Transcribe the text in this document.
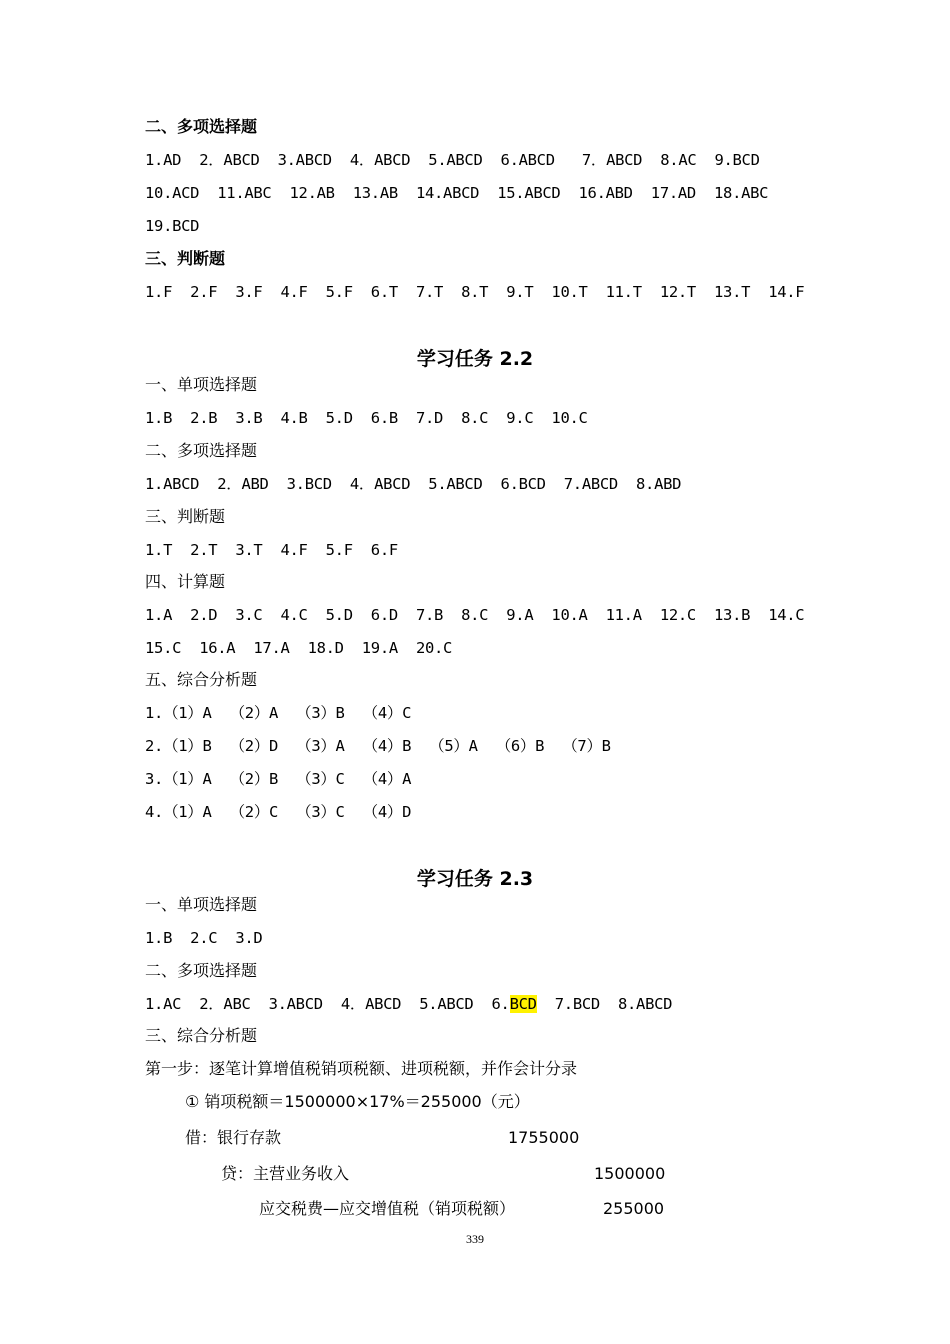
二、多项选择题
1.AD  2．ABCD  3.ABCD  4．ABCD  5.ABCD  6.ABCD   7．ABCD  8.AC  9.BCD
10.ACD  11.ABC  12.AB  13.AB  14.ABCD  15.ABCD  16.ABD  17.AD  18.ABC
19.BCD
三、判断题
1.F  2.F  3.F  4.F  5.F  6.T  7.T  8.T  9.T  10.T  11.T  12.T  13.T  14.F
学习任务 2.2
一、单项选择题
1.B  2.B  3.B  4.B  5.D  6.B  7.D  8.C  9.C  10.C
二、多项选择题
1.ABCD  2．ABD  3.BCD  4．ABCD  5.ABCD  6.BCD  7.ABCD  8.ABD
三、判断题
1.T  2.T  3.T  4.F  5.F  6.F
四、计算题
1.A  2.D  3.C  4.C  5.D  6.D  7.B  8.C  9.A  10.A  11.A  12.C  13.B  14.C
15.C  16.A  17.A  18.D  19.A  20.C
五、综合分析题
1.（1）A  （2）A  （3）B  （4）C
2.（1）B  （2）D  （3）A  （4）B  （5）A  （6）B  （7）B
3.（1）A  （2）B  （3）C  （4）A
4.（1）A  （2）C  （3）C  （4）D
学习任务 2.3
一、单项选择题
1.B  2.C  3.D
二、多项选择题
1.AC  2．ABC  3.ABCD  4．ABCD  5.ABCD  6.BCD  7.BCD  8.ABCD
三、综合分析题
第一步：逐笔计算增值税销项税额、进项税额，并作会计分录
① 销项税额＝1500000×17%＝255000（元）
借：银行存款	1755000
贷：主营业务收入	1500000
应交税费—应交增值税（销项税额）	255000
339
